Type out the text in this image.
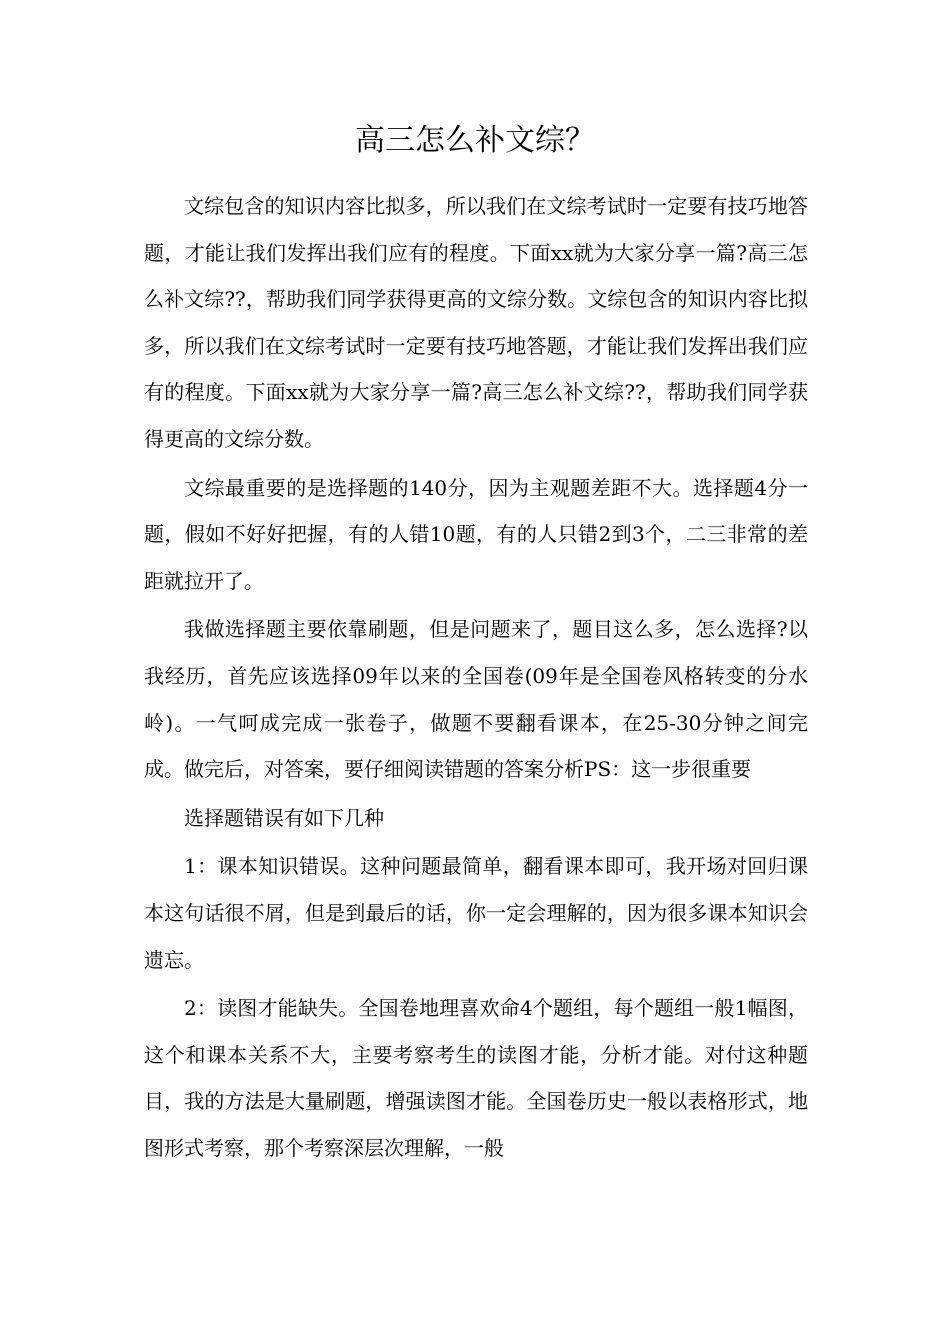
高三怎么补文综？

文综包含的知识内容比拟多，所以我们在文综考试时一定要有技巧地答题，才能让我们发挥出我们应有的程度。下面xx就为大家分享一篇?高三怎么补文综??，帮助我们同学获得更高的文综分数。文综包含的知识内容比拟多，所以我们在文综考试时一定要有技巧地答题，才能让我们发挥出我们应有的程度。下面xx就为大家分享一篇?高三怎么补文综??，帮助我们同学获得更高的文综分数。

文综最重要的是选择题的140分，因为主观题差距不大。选择题4分一题，假如不好好把握，有的人错10题，有的人只错2到3个，二三非常的差距就拉开了。

我做选择题主要依靠刷题，但是问题来了，题目这么多，怎么选择?以我经历，首先应该选择09年以来的全国卷(09年是全国卷风格转变的分水岭)。一气呵成完成一张卷子，做题不要翻看课本，在25-30分钟之间完成。做完后，对答案，要仔细阅读错题的答案分析PS：这一步很重要

选择题错误有如下几种

1：课本知识错误。这种问题最简单，翻看课本即可，我开场对回归课本这句话很不屑，但是到最后的话，你一定会理解的，因为很多课本知识会遗忘。

2：读图才能缺失。全国卷地理喜欢命4个题组，每个题组一般1幅图，这个和课本关系不大，主要考察考生的读图才能，分析才能。对付这种题目，我的方法是大量刷题，增强读图才能。全国卷历史一般以表格形式，地图形式考察，那个考察深层次理解，一般
